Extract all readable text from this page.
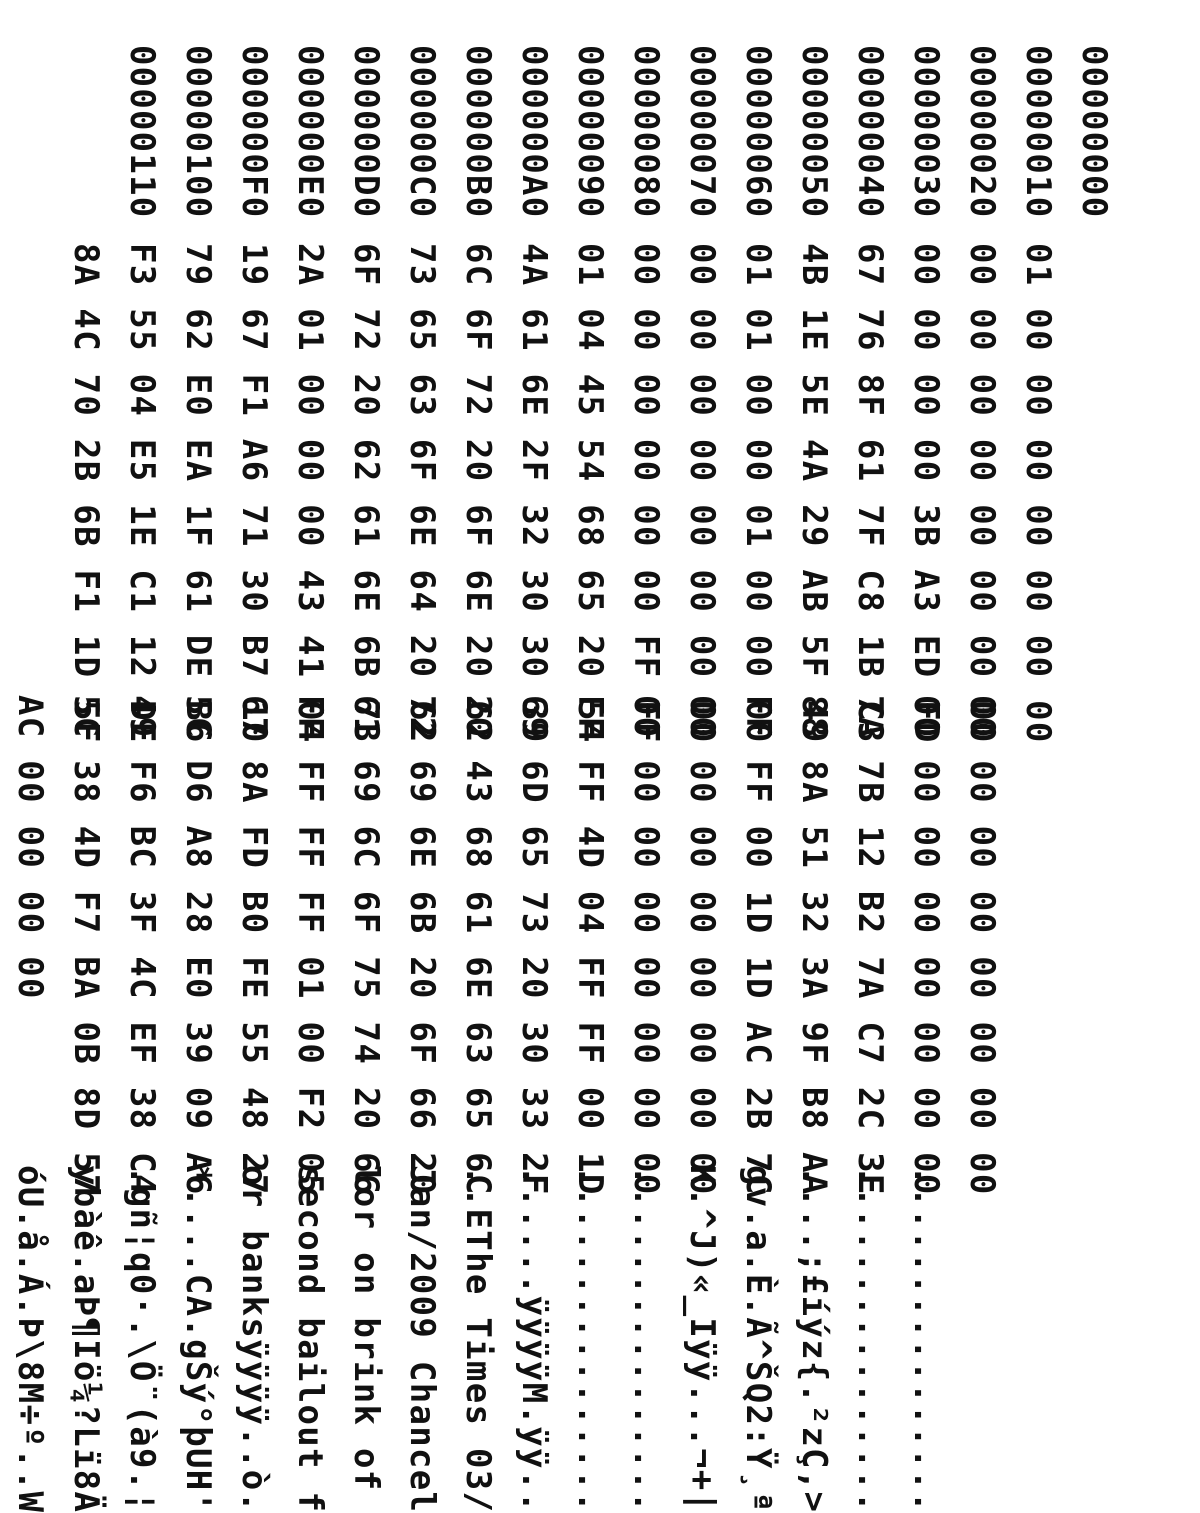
00000000

01 00 00 00 00 00 00 00

00 00 00 00 00 00 00 00

................

00000010

00 00 00 00 00 00 00 00

00 00 00 00 00 00 00 00

................

00000020

00 00 00 00 3B A3 ED FD

7A 7B 12 B2 7A C7 2C 3E

....;£íýz{.²zÇ,>

00000030

67 76 8F 61 7F C8 1B C3

88 8A 51 32 3A 9F B8 AA

gv.a.È.Ã^ŠQ2:Ÿ¸ª

00000040

4B 1E 5E 4A 29 AB 5F 49

FF FF 00 1D 1D AC 2B 7C

K.^J)«_Iÿÿ...¬+|

00000050

01 01 00 00 01 00 00 00

00 00 00 00 00 00 00 00

................

00000060

00 00 00 00 00 00 00 00

00 00 00 00 00 00 00 00

................

00000070

00 00 00 00 00 00 FF FF

FF FF 4D 04 FF FF 00 1D

......ÿÿÿÿM.ÿÿ..

00000080

01 04 45 54 68 65 20 54

69 6D 65 73 20 30 33 2F

..EThe Times 03/

00000090

4A 61 6E 2F 32 30 30 39

20 43 68 61 6E 63 65 6C

Jan/2009 Chancel

000000A0

6C 6F 72 20 6F 6E 20 62

72 69 6E 6B 20 6F 66 20

lor on brink of

000000B0

73 65 63 6F 6E 64 20 62

61 69 6C 6F 75 74 20 66

second bailout f

000000C0

6F 72 20 62 61 6E 6B 73

FF FF FF FF 01 00 F2 05

or banksÿÿÿÿ..ò.

000000D0

2A 01 00 00 00 43 41 04

67 8A FD B0 FE 55 48 27

*....CA.gŠý°þUH'

000000E0

19 67 F1 A6 71 30 B7 10

5C D6 A8 28 E0 39 09 A6

.gñ¦q0·.\Ö¨(à9.¦

000000F0

79 62 E0 EA 1F 61 DE B6

49 F6 BC 3F 4C EF 38 C4

ybàê.aÞ¶Iö¼?Lï8Ä

00000100

F3 55 04 E5 1E C1 12 DE

5C 38 4D F7 BA 0B 8D 57

óU.å.Á.Þ\8M÷º..W

00000110

8A 4C 70 2B 6B F1 1D 5F

AC 00 00 00 00
